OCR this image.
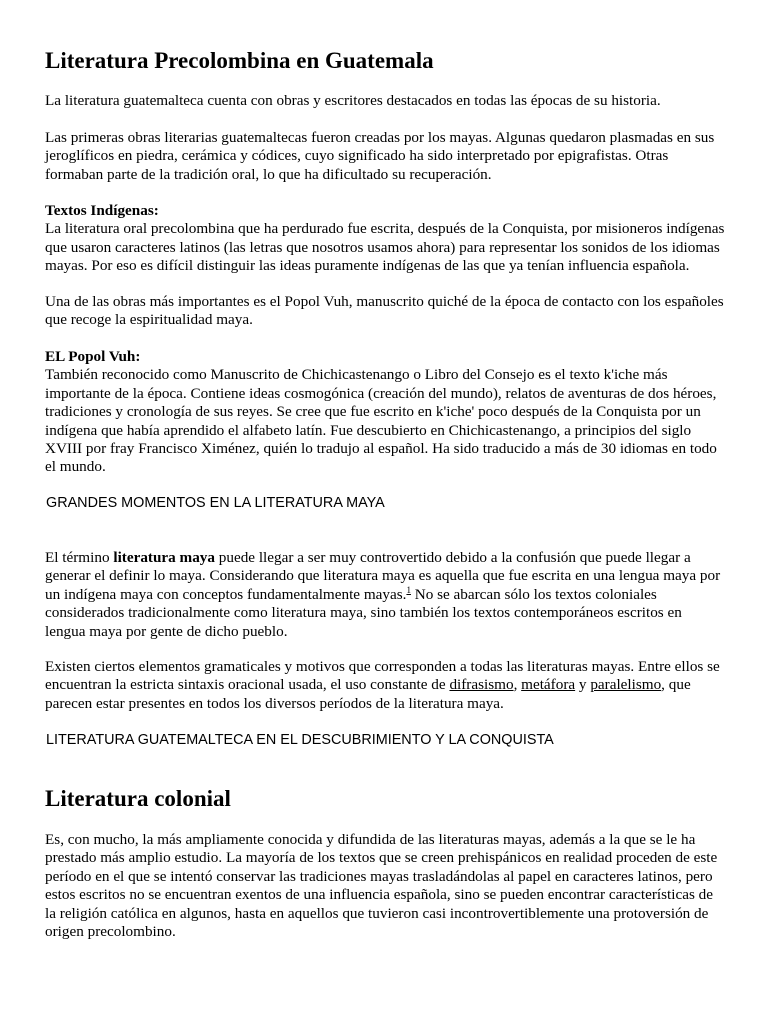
Literatura Precolombina en Guatemala

La literatura guatemalteca cuenta con obras y escritores destacados en todas las épocas de su historia.

Las primeras obras literarias guatemaltecas fueron creadas por los mayas. Algunas quedaron plasmadas en sus jeroglíficos en piedra, cerámica y códices, cuyo significado ha sido interpretado por epigrafistas. Otras formaban parte de la tradición oral, lo que ha dificultado su recuperación.

Textos Indígenas:
La literatura oral precolombina que ha perdurado fue escrita, después de la Conquista, por misioneros indígenas que usaron caracteres latinos (las letras que nosotros usamos ahora) para representar los sonidos de los idiomas mayas. Por eso es difícil distinguir las ideas puramente indígenas de las que ya tenían influencia española.

Una de las obras más importantes es el Popol Vuh, manuscrito quiché de la época de contacto con los españoles que recoge la espiritualidad maya.

EL Popol Vuh:
También reconocido como Manuscrito de Chichicastenango o Libro del Consejo es el texto k'iche más importante de la época. Contiene ideas cosmogónica (creación del mundo), relatos de aventuras de dos héroes, tradiciones y cronología de sus reyes. Se cree que fue escrito en k'iche' poco después de la Conquista por un indígena que había aprendido el alfabeto latín. Fue descubierto en Chichicastenango, a principios del siglo XVIII por fray Francisco Ximénez, quién lo tradujo al español. Ha sido traducido a más de 30 idiomas en todo el mundo.

GRANDES MOMENTOS EN LA LITERATURA MAYA

El término literatura maya puede llegar a ser muy controvertido debido a la confusión que puede llegar a generar el definir lo maya. Considerando que literatura maya es aquella que fue escrita en una lengua maya por un indígena maya con conceptos fundamentalmente mayas.$^1$ No se abarcan sólo los textos coloniales considerados tradicionalmente como literatura maya, sino también los textos contemporáneos escritos en lengua maya por gente de dicho pueblo.

Existen ciertos elementos gramaticales y motivos que corresponden a todas las literaturas mayas. Entre ellos se encuentran la estricta sintaxis oracional usada, el uso constante de difrasismo, metáfora y paralelismo, que parecen estar presentes en todos los diversos períodos de la literatura maya.

LITERATURA GUATEMALTECA EN EL DESCUBRIMIENTO Y LA CONQUISTA
Literatura colonial

Es, con mucho, la más ampliamente conocida y difundida de las literaturas mayas, además a la que se le ha prestado más amplio estudio. La mayoría de los textos que se creen prehispánicos en realidad proceden de este período en el que se intentó conservar las tradiciones mayas trasladándolas al papel en caracteres latinos, pero estos escritos no se encuentran exentos de una influencia española, sino se pueden encontrar características de la religión católica en algunos, hasta en aquellos que tuvieron casi incontrovertiblemente una protoversión de origen precolombino.
